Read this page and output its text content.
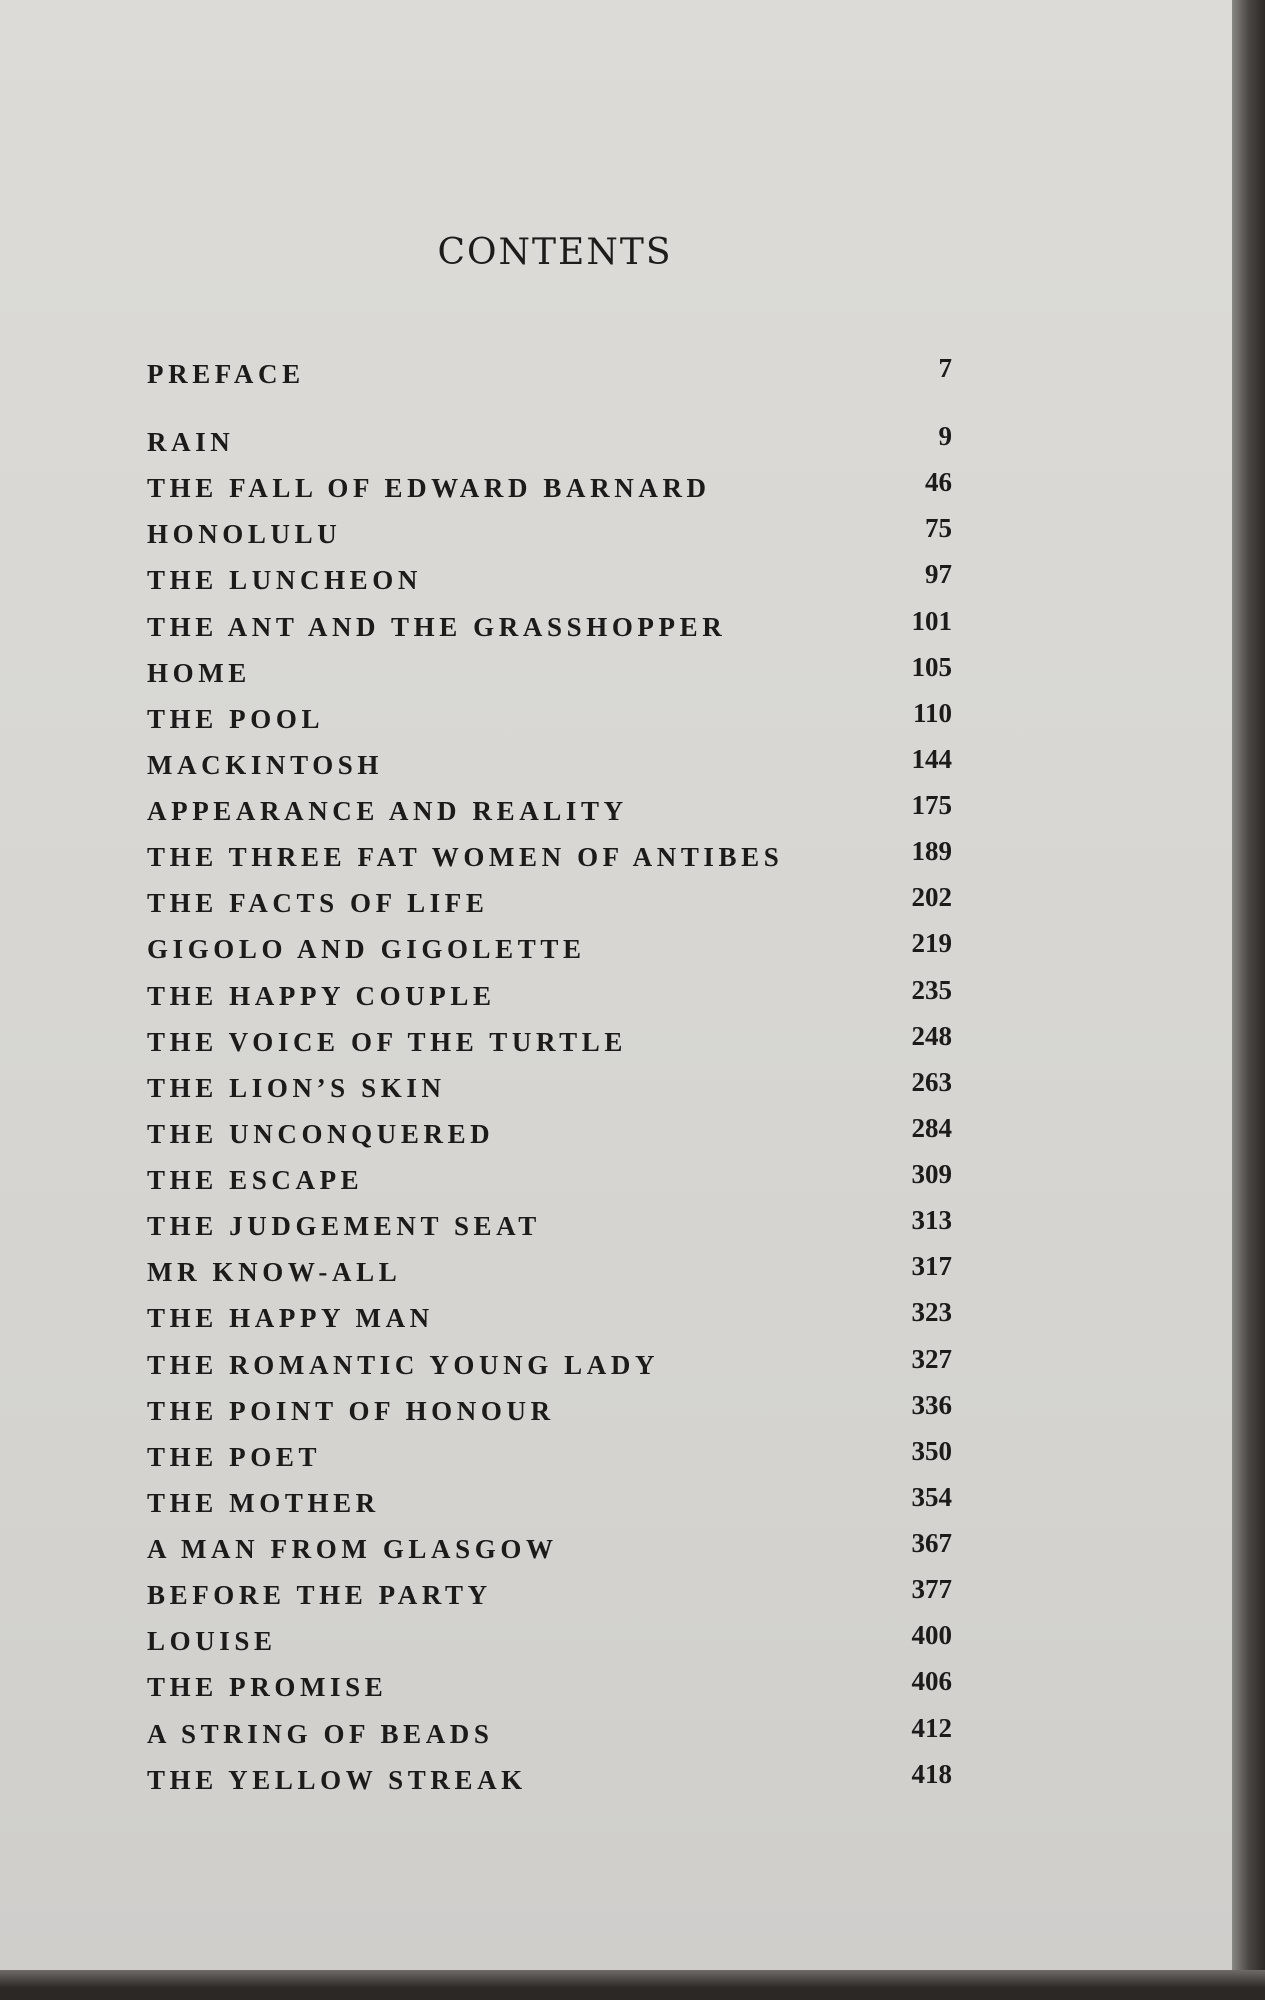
CONTENTS
PREFACE	7
RAIN	9
THE FALL OF EDWARD BARNARD	46
HONOLULU	75
THE LUNCHEON	97
THE ANT AND THE GRASSHOPPER	101
HOME	105
THE POOL	110
MACKINTOSH	144
APPEARANCE AND REALITY	175
THE THREE FAT WOMEN OF ANTIBES	189
THE FACTS OF LIFE	202
GIGOLO AND GIGOLETTE	219
THE HAPPY COUPLE	235
THE VOICE OF THE TURTLE	248
THE LION’S SKIN	263
THE UNCONQUERED	284
THE ESCAPE	309
THE JUDGEMENT SEAT	313
MR KNOW-ALL	317
THE HAPPY MAN	323
THE ROMANTIC YOUNG LADY	327
THE POINT OF HONOUR	336
THE POET	350
THE MOTHER	354
A MAN FROM GLASGOW	367
BEFORE THE PARTY	377
LOUISE	400
THE PROMISE	406
A STRING OF BEADS	412
THE YELLOW STREAK	418
